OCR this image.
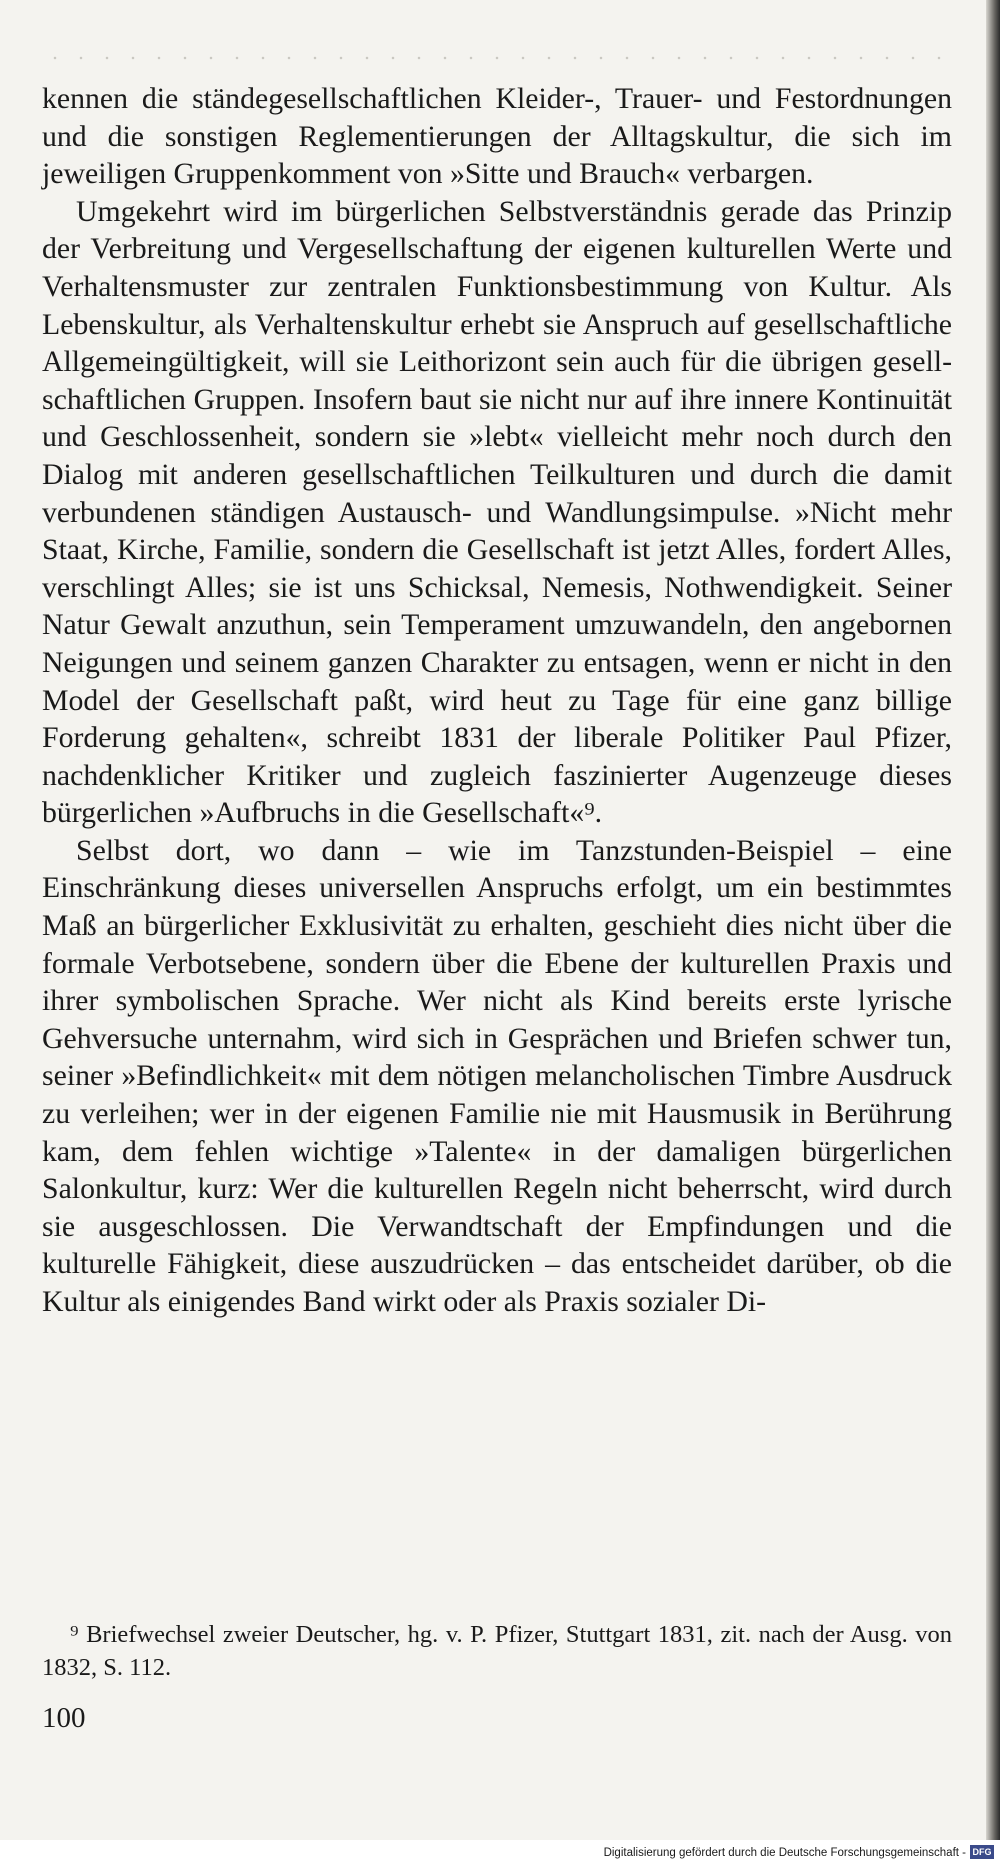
kennen die ständegesellschaftlichen Kleider-, Trauer- und Festordnungen und die sonstigen Reglementierungen der Alltagskultur, die sich im jeweiligen Gruppenkomment von »Sitte und Brauch« verbargen.

Umgekehrt wird im bürgerlichen Selbstverständnis gerade das Prinzip der Verbreitung und Vergesellschaftung der eigenen kulturellen Werte und Verhaltensmuster zur zentralen Funktionsbestimmung von Kultur. Als Lebenskultur, als Verhaltenskultur erhebt sie Anspruch auf gesellschaftliche Allgemeingültigkeit, will sie Leithorizont sein auch für die übrigen gesellschaftlichen Gruppen. Insofern baut sie nicht nur auf ihre innere Kontinuität und Geschlossenheit, sondern sie »lebt« vielleicht mehr noch durch den Dialog mit anderen gesellschaftlichen Teilkulturen und durch die damit verbundenen ständigen Austausch- und Wandlungsimpulse. »Nicht mehr Staat, Kirche, Familie, sondern die Gesellschaft ist jetzt Alles, fordert Alles, verschlingt Alles; sie ist uns Schicksal, Nemesis, Nothwendigkeit. Seiner Natur Gewalt anzuthun, sein Temperament umzuwandeln, den angebornen Neigungen und seinem ganzen Charakter zu entsagen, wenn er nicht in den Model der Gesellschaft paßt, wird heut zu Tage für eine ganz billige Forderung gehalten«, schreibt 1831 der liberale Politiker Paul Pfizer, nachdenklicher Kritiker und zugleich faszinierter Augenzeuge dieses bürgerlichen »Aufbruchs in die Gesellschaft«⁹.

Selbst dort, wo dann – wie im Tanzstunden-Beispiel – eine Einschränkung dieses universellen Anspruchs erfolgt, um ein bestimmtes Maß an bürgerlicher Exklusivität zu erhalten, geschieht dies nicht über die formale Verbotsebene, sondern über die Ebene der kulturellen Praxis und ihrer symbolischen Sprache. Wer nicht als Kind bereits erste lyrische Gehversuche unternahm, wird sich in Gesprächen und Briefen schwer tun, seiner »Befindlichkeit« mit dem nötigen melancholischen Timbre Ausdruck zu verleihen; wer in der eigenen Familie nie mit Hausmusik in Berührung kam, dem fehlen wichtige »Talente« in der damaligen bürgerlichen Salonkultur, kurz: Wer die kulturellen Regeln nicht beherrscht, wird durch sie ausgeschlossen. Die Verwandtschaft der Empfindungen und die kulturelle Fähigkeit, diese auszudrücken – das entscheidet darüber, ob die Kultur als einigendes Band wirkt oder als Praxis sozialer Di-

⁹ Briefwechsel zweier Deutscher, hg. v. P. Pfizer, Stuttgart 1831, zit. nach der Ausg. von 1832, S. 112.

100
Digitalisierung gefördert durch die Deutsche Forschungsgemeinschaft - DFG
